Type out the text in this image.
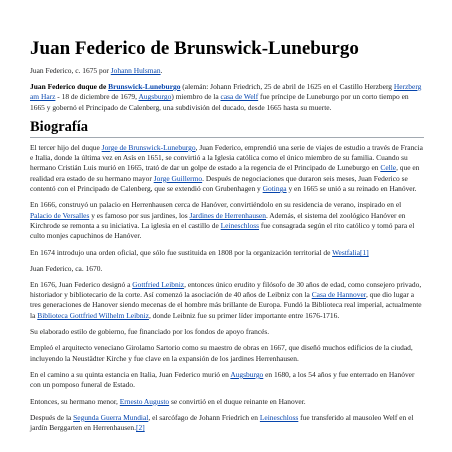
Juan Federico de Brunswick-Luneburgo

Juan Federico, c. 1675 por Johann Hulsman.

Juan Federico duque de Brunswick-Luneburgo (alemán: Johann Friedrich, 25 de abril de 1625 en el Castillo Herzberg Herzberg am Harz - 18 de diciembre de 1679, Augsburgo) miembro de la casa de Welf fue príncipe de Luneburgo por un corto tiempo en 1665 y gobernó el Principado de Calenberg, una subdivisión del ducado, desde 1665 hasta su muerte.

Biografía

El tercer hijo del duque Jorge de Brunswick-Luneburgo, Juan Federico, emprendió una serie de viajes de estudio a través de Francia e Italia, donde la última vez en Asís en 1651, se convirtió a la Iglesia católica como el único miembro de su familia. Cuando su hermano Cristián Luis murió en 1665, trató de dar un golpe de estado a la regencia de el Principado de Luneburgo en Celle, que en realidad era estado de su hermano mayor Jorge Guillermo. Después de negociaciones que duraron seis meses, Juan Federico se contentó con el Principado de Calenberg, que se extendió con Grubenhagen y Gotinga y en 1665 se unió a su reinado en Hanóver.

En 1666, construyó un palacio en Herrenhausen cerca de Hanóver, convirtiéndolo en su residencia de verano, inspirado en el Palacio de Versalles y es famoso por sus jardines, los Jardines de Herrenhausen. Además, el sistema del zoológico Hanóver en Kirchrode se remonta a su iniciativa. La iglesia en el castillo de Leineschloss fue consagrada según el rito católico y tomó para el culto monjes capuchinos de Hanóver.

En 1674 introdujo una orden oficial, que sólo fue sustituida en 1808 por la organización territorial de Westfalia[1]

Juan Federico, ca. 1670.

En 1676, Juan Federico designó a Gottfried Leibniz, entonces único erudito y filósofo de 30 años de edad, como consejero privado, historiador y bibliotecario de la corte. Así comenzó la asociación de 40 años de Leibniz con la Casa de Hannover, que dio lugar a tres generaciones de Hanover siendo mecenas de el hombre más brillante de Europa. Fundó la Biblioteca real imperial, actualmente la Biblioteca Gottfried Wilhelm Leibniz, donde Leibniz fue su primer líder importante entre 1676-1716.

Su elaborado estilo de gobierno, fue financiado por los fondos de apoyo francés.

Empleó el arquitecto veneciano Girolamo Sartorio como su maestro de obras en 1667, que diseñó muchos edificios de la ciudad, incluyendo la Neustädter Kirche y fue clave en la expansión de los jardines Herrenhausen.

En el camino a su quinta estancia en Italia, Juan Federico murió en Augsburgo en 1680, a los 54 años y fue enterrado en Hanóver con un pomposo funeral de Estado.

Entonces, su hermano menor, Ernesto Augusto se convirtió en el duque reinante en Hanover.

Después de la Segunda Guerra Mundial, el sarcófago de Johann Friedrich en Leineschloss fue transferido al mausoleo Welf en el jardín Berggarten en Herrenhausen.[2]
